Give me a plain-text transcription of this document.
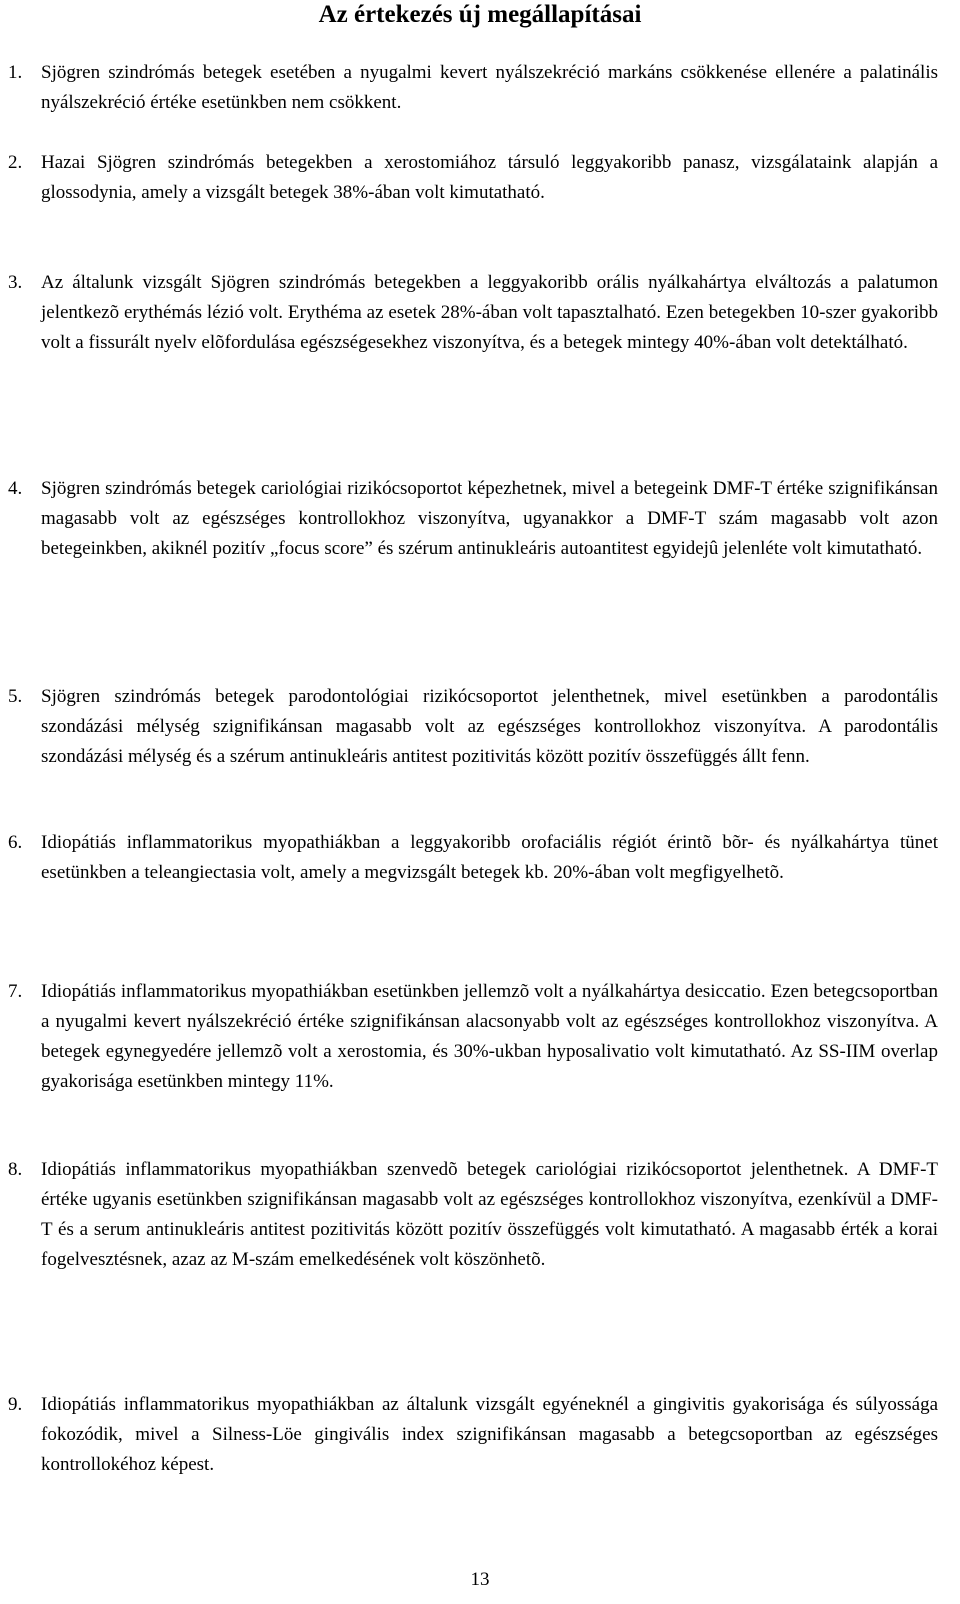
Az értekezés új megállapításai
1. Sjögren szindrómás betegek esetében a nyugalmi kevert nyálszekréció markáns csökkenése ellenére a palatinális nyálszekréció értéke esetünkben nem csökkent.
2. Hazai Sjögren szindrómás betegekben a xerostomiához társuló leggyakoribb panasz, vizsgálataink alapján a glossodynia, amely a vizsgált betegek 38%-ában volt kimutatható.
3. Az általunk vizsgált Sjögren szindrómás betegekben a leggyakoribb orális nyálkahártya elváltozás a palatumon jelentkezõ erythémás lézió volt. Erythéma az esetek 28%-ában volt tapasztalható. Ezen betegekben 10-szer gyakoribb volt a fissurált nyelv elõfordulása egészségesekhez viszonyítva, és a betegek mintegy 40%-ában volt detektálható.
4. Sjögren szindrómás betegek cariológiai rizikócsoportot képezhetnek, mivel a betegeink DMF-T értéke szignifikánsan magasabb volt az egészséges kontrollokhoz viszonyítva, ugyanakkor a DMF-T szám magasabb volt azon betegeinkben, akiknél pozitív „focus score” és szérum antinukleáris autoantitest egyidejû jelenléte volt kimutatható.
5. Sjögren szindrómás betegek parodontológiai rizikócsoportot jelenthetnek, mivel esetünkben a parodontális szondázási mélység szignifikánsan magasabb volt az egészséges kontrollokhoz viszonyítva. A parodontális szondázási mélység és a szérum antinukleáris antitest pozitivitás között pozitív összefüggés állt fenn.
6. Idiopátiás inflammatorikus myopathiákban a leggyakoribb orofaciális régiót érintõ bõr- és nyálkahártya tünet esetünkben a teleangiectasia volt, amely a megvizsgált betegek kb. 20%-ában volt megfigyelhetõ.
7. Idiopátiás inflammatorikus myopathiákban esetünkben jellemzõ volt a nyálkahártya desiccatio. Ezen betegcsoportban a nyugalmi kevert nyálszekréció értéke szignifikánsan alacsonyabb volt az egészséges kontrollokhoz viszonyítva. A betegek egynegyedére jellemzõ volt a xerostomia, és 30%-ukban hyposalivatio volt kimutatható. Az SS-IIM overlap gyakorisága esetünkben mintegy 11%.
8. Idiopátiás inflammatorikus myopathiákban szenvedõ betegek cariológiai rizikócsoportot jelenthetnek. A DMF-T értéke ugyanis esetünkben szignifikánsan magasabb volt az egészséges kontrollokhoz viszonyítva, ezenkívül a DMF-T és a serum antinukleáris antitest pozitivitás között pozitív összefüggés volt kimutatható. A magasabb érték a korai fogelvesztésnek, azaz az M-szám emelkedésének volt köszönhetõ.
9. Idiopátiás inflammatorikus myopathiákban az általunk vizsgált egyéneknél a gingivitis gyakorisága és súlyossága fokozódik, mivel a Silness-Löe gingivális index szignifikánsan magasabb a betegcsoportban az egészséges kontrollokéhoz képest.
13
